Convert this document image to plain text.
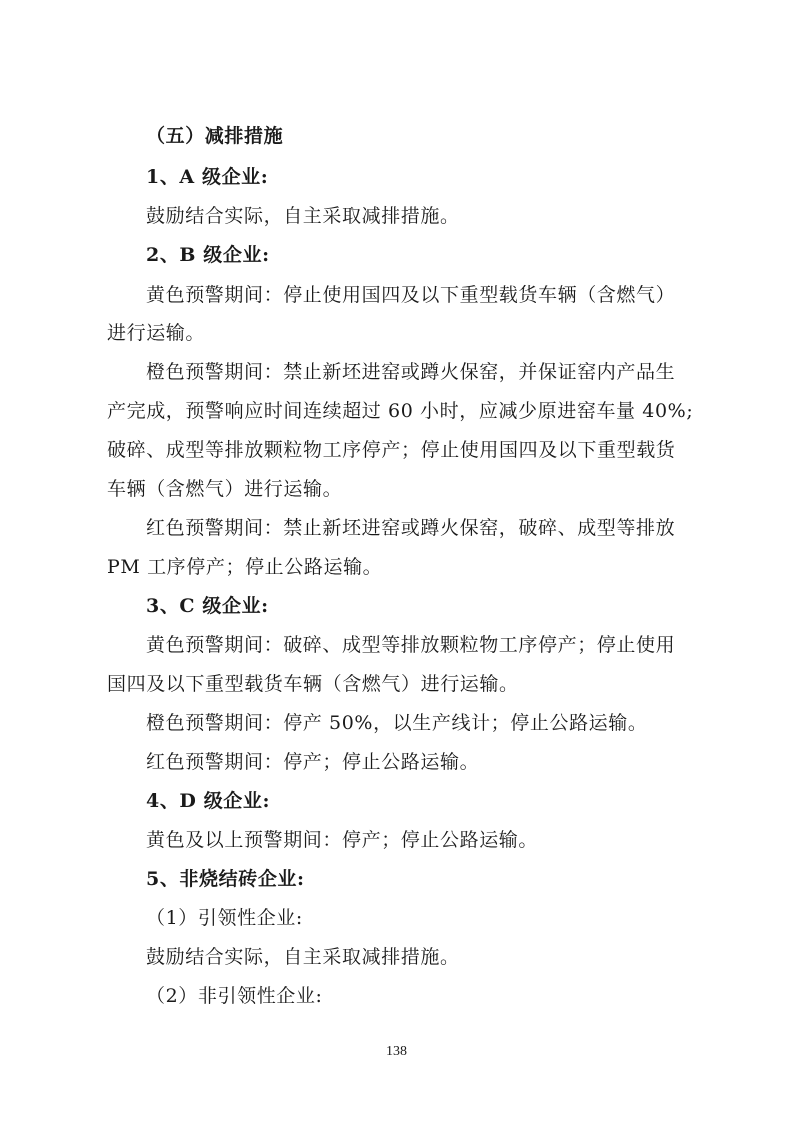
（五）减排措施
1、A 级企业:
鼓励结合实际，自主采取减排措施。
2、B 级企业:
黄色预警期间：停止使用国四及以下重型载货车辆（含燃气）
进行运输。
橙色预警期间：禁止新坯进窑或蹲火保窑，并保证窑内产品生
产完成，预警响应时间连续超过 60 小时，应减少原进窑车量 40%;
破碎、成型等排放颗粒物工序停产；停止使用国四及以下重型载货
车辆（含燃气）进行运输。
红色预警期间：禁止新坯进窑或蹲火保窑，破碎、成型等排放
PM 工序停产；停止公路运输。
3、C 级企业:
黄色预警期间：破碎、成型等排放颗粒物工序停产；停止使用
国四及以下重型载货车辆（含燃气）进行运输。
橙色预警期间：停产 50%，以生产线计；停止公路运输。
红色预警期间：停产；停止公路运输。
4、D 级企业:
黄色及以上预警期间：停产；停止公路运输。
5、非烧结砖企业:
（1）引领性企业:
鼓励结合实际，自主采取减排措施。
（2）非引领性企业:
138
